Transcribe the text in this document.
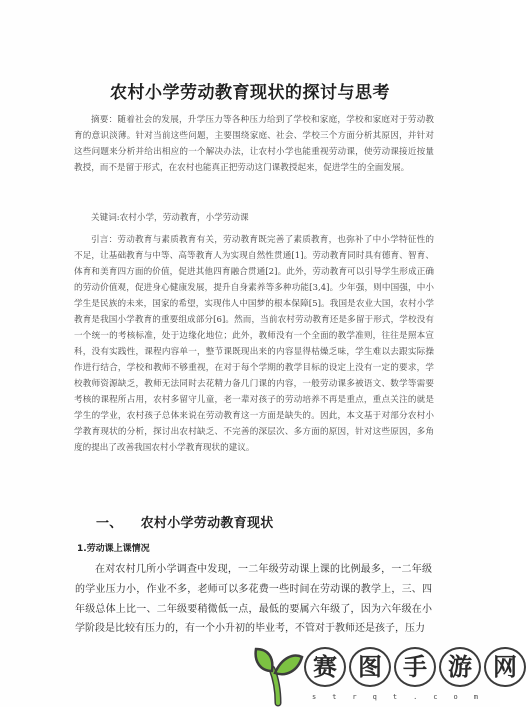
农村小学劳动教育现状的探讨与思考

摘要：随着社会的发展，升学压力等各种压力给到了学校和家庭，学校和家庭对于劳动教育的意识淡薄。针对当前这些问题，主要围绕家庭、社会、学校三个方面分析其原因，并针对这些问题来分析并给出相应的一个解决办法，让农村小学也能重视劳动课，使劳动课接近按量教授，而不是留于形式，在农村也能真正把劳动这门课教授起来，促进学生的全面发展。

关键词:农村小学，劳动教育，小学劳动课

引言：劳动教育与素质教育有关，劳动教育既完善了素质教育，也弥补了中小学特征性的不足，让基础教育与中等、高等教育人为实现自然性贯通[1]。劳动教育同时具有德育、智育、体育和美育四方面的价值，促进其他四育融合贯通[2]。此外，劳动教育可以引导学生形成正确的劳动价值观，促进身心健康发展，提升自身素养等多种功能[3,4]。少年强，则中国强，中小学生是民族的未来，国家的希望，实现伟人中国梦的根本保障[5]。我国是农业大国，农村小学教育是我国小学教育的重要组成部分[6]。然而，当前农村劳动教育还是多留于形式，学校没有一个统一的考核标准，处于边缘化地位；此外，教师没有一个全面的教学准则，往往是照本宣科，没有实践性，课程内容单一，整节课既现出来的内容显得枯燥乏味，学生难以去跟实际操作进行结合，学校和教师不够重视，在对于每个学期的教学目标的设定上没有一定的要求，学校教师资源缺乏，教师无法同时去花精力备几门课的内容，一般劳动课多被语文、数学等需要考核的课程所占用，农村多留守儿童，老一辈对孩子的劳动培养不再是重点，重点关注的就是学生的学业，农村孩子总体来说在劳动教育这一方面是缺失的。因此，本文基于对部分农村小学教育现状的分析，探讨出农村缺乏、不完善的深层次、多方面的原因，针对这些原因，多角度的提出了改善我国农村小学教育现状的建议。

一、 农村小学劳动教育现状
1.劳动课上课情况

在对农村几所小学调查中发现，一二年级劳动课上课的比例最多，一二年级的学业压力小，作业不多，老师可以多花费一些时间在劳动课的教学上，三、四年级总体上比一、二年级要稍微低一点，最低的要属六年级了，因为六年级在小学阶段是比较有压力的，有一个小升初的毕业考，不管对于教师还是孩子，压力

赛 图 手 游 网
strqt.com
